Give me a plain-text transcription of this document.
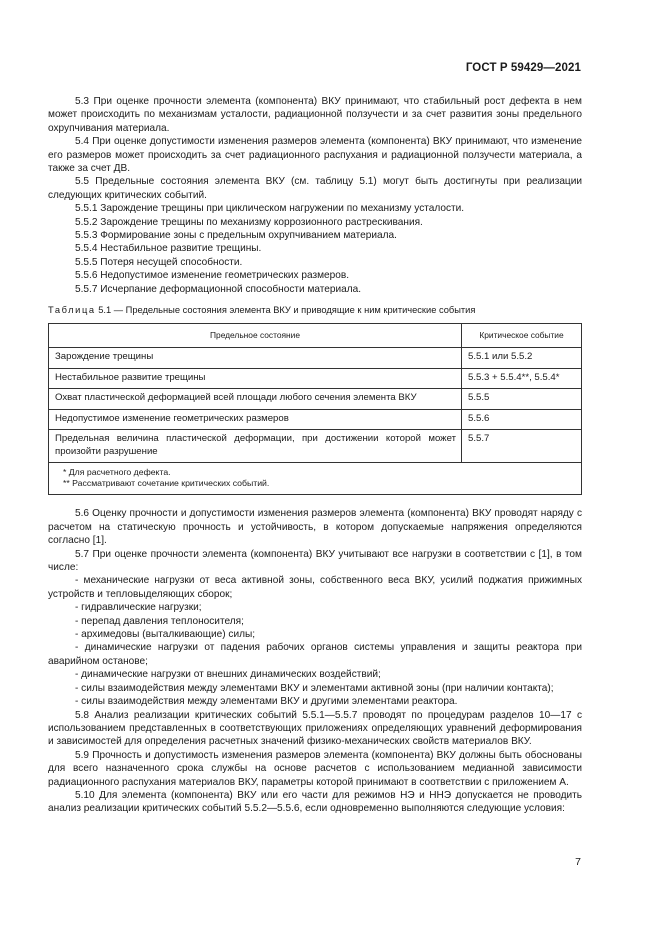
ГОСТ Р 59429—2021

5.3 При оценке прочности элемента (компонента) ВКУ принимают, что стабильный рост дефекта в нем может происходить по механизмам усталости, радиационной ползучести и за счет развития зоны предельного охрупчивания материала.

5.4 При оценке допустимости изменения размеров элемента (компонента) ВКУ принимают, что изменение его размеров может происходить за счет радиационного распухания и радиационной ползучести материала, а также за счет ДВ.

5.5 Предельные состояния элемента ВКУ (см. таблицу 5.1) могут быть достигнуты при реализации следующих критических событий.

5.5.1 Зарождение трещины при циклическом нагружении по механизму усталости.

5.5.2 Зарождение трещины по механизму коррозионного растрескивания.

5.5.3 Формирование зоны с предельным охрупчиванием материала.

5.5.4 Нестабильное развитие трещины.

5.5.5 Потеря несущей способности.

5.5.6 Недопустимое изменение геометрических размеров.

5.5.7 Исчерпание деформационной способности материала.

Таблица 5.1 — Предельные состояния элемента ВКУ и приводящие к ним критические события
Предельное состояние	Критическое событие
Зарождение трещины	5.5.1 или 5.5.2
Нестабильное развитие трещины	5.5.3 + 5.5.4**, 5.5.4*
Охват пластической деформацией всей площади любого сечения элемента ВКУ	5.5.5
Недопустимое изменение геометрических размеров	5.5.6
Предельная величина пластической деформации, при достижении которой может произойти разрушение	5.5.7

* Для расчетного дефекта.
** Рассматривают сочетание критических событий.	

5.6 Оценку прочности и допустимости изменения размеров элемента (компонента) ВКУ проводят наряду с расчетом на статическую прочность и устойчивость, в котором допускаемые напряжения определяются согласно [1].

5.7 При оценке прочности элемента (компонента) ВКУ учитывают все нагрузки в соответствии с [1], в том числе:

- механические нагрузки от веса активной зоны, собственного веса ВКУ, усилий поджатия прижимных устройств и тепловыделяющих сборок;

- гидравлические нагрузки;

- перепад давления теплоносителя;

- архимедовы (выталкивающие) силы;

- динамические нагрузки от падения рабочих органов системы управления и защиты реактора при аварийном останове;

- динамические нагрузки от внешних динамических воздействий;

- силы взаимодействия между элементами ВКУ и элементами активной зоны (при наличии контакта);

- силы взаимодействия между элементами ВКУ и другими элементами реактора.

5.8 Анализ реализации критических событий 5.5.1—5.5.7 проводят по процедурам разделов 10—17 с использованием представленных в соответствующих приложениях определяющих уравнений деформирования и зависимостей для определения расчетных значений физико-механических свойств материалов ВКУ.

5.9 Прочность и допустимость изменения размеров элемента (компонента) ВКУ должны быть обоснованы для всего назначенного срока службы на основе расчетов с использованием медианной зависимости радиационного распухания материалов ВКУ, параметры которой принимают в соответствии с приложением А.

5.10 Для элемента (компонента) ВКУ или его части для режимов НЭ и ННЭ допускается не проводить анализ реализации критических событий 5.5.2—5.5.6, если одновременно выполняются следующие условия:

7
